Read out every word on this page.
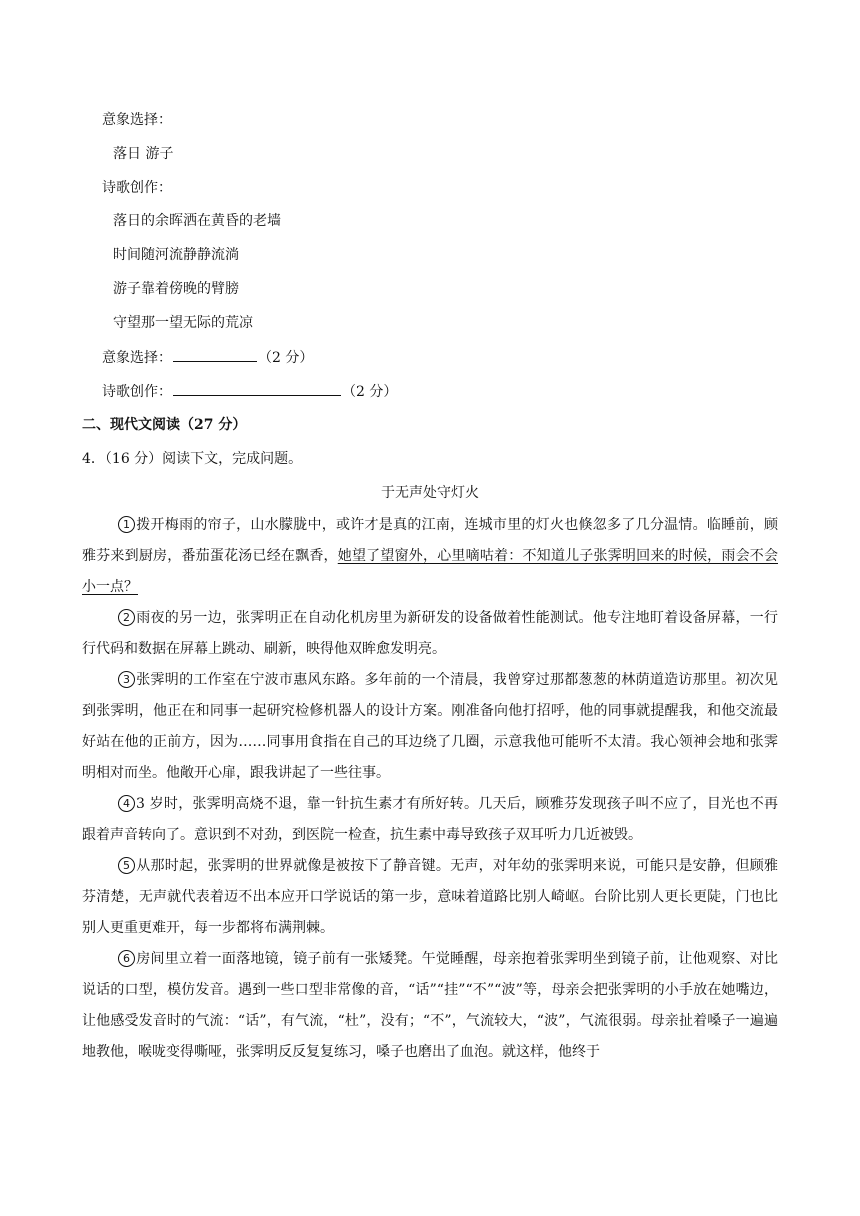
意象选择：
落日 游子
诗歌创作：
落日的余晖洒在黄昏的老墙
时间随河流静静流淌
游子靠着傍晚的臂膀
守望那一望无际的荒凉
意象选择：	（2 分）
诗歌创作：	（2 分）
二、现代文阅读（27 分）
4．（16 分）阅读下文，完成问题。
于无声处守灯火

1 拨开梅雨的帘子，山水朦胧中，或许才是真的江南，连城市里的灯火也倏忽多了几分温情。临睡前，顾雅芬来到厨房，番茄蛋花汤已经在飘香，她望了望窗外，心里嘀咕着：不知道儿子张霁明回来的时候，雨会不会小一点？

2 雨夜的另一边，张霁明正在自动化机房里为新研发的设备做着性能测试。他专注地盯着设备屏幕，一行行代码和数据在屏幕上跳动、刷新，映得他双眸愈发明亮。

3 张霁明的工作室在宁波市惠风东路。多年前的一个清晨，我曾穿过那都葱葱的林荫道造访那里。初次见到张霁明，他正在和同事一起研究检修机器人的设计方案。刚准备向他打招呼，他的同事就提醒我，和他交流最好站在他的正前方，因为……同事用食指在自己的耳边绕了几圈，示意我他可能听不太清。我心领神会地和张霁明相对而坐。他敞开心扉，跟我讲起了一些往事。

4 3 岁时，张霁明高烧不退，靠一针抗生素才有所好转。几天后，顾雅芬发现孩子叫不应了，目光也不再跟着声音转向了。意识到不对劲，到医院一检查，抗生素中毒导致孩子双耳听力几近被毁。

5 从那时起，张霁明的世界就像是被按下了静音键。无声，对年幼的张霁明来说，可能只是安静，但顾雅芬清楚，无声就代表着迈不出本应开口学说话的第一步，意味着道路比别人崎岖。台阶比别人更长更陡，门也比别人更重更难开，每一步都将布满荆棘。

6 房间里立着一面落地镜，镜子前有一张矮凳。午觉睡醒，母亲抱着张霁明坐到镜子前，让他观察、对比说话的口型，模仿发音。遇到一些口型非常像的音，“话”“挂”“不”“波”等，母亲会把张霁明的小手放在她嘴边，让他感受发音时的气流：“话”，有气流，“杜”，没有；“不”，气流较大，“波”，气流很弱。母亲扯着嗓子一遍遍地教他，喉咙变得嘶哑，张霁明反反复复练习，嗓子也磨出了血泡。就这样，他终于
